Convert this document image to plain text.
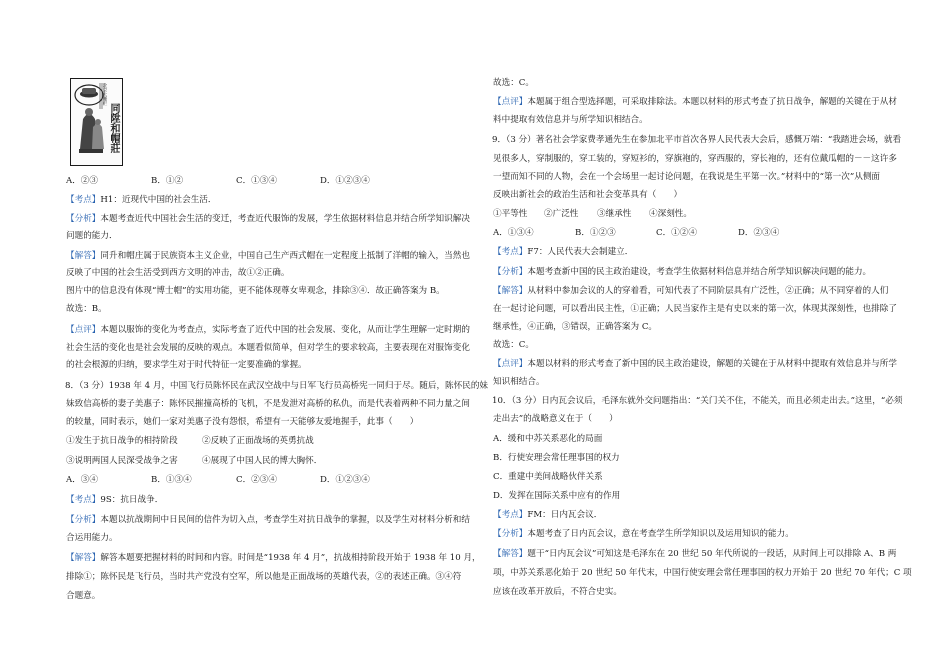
同陞和帽莊
北京大栅栏
A．②③	B．①②	C．①③④	D．①②③④
【考点】H1：近现代中国的社会生活．
【分析】本题考查近代中国社会生活的变迁，考查近代服饰的发展，学生依据材料信息并结合所学知识解决
问题的能力．
【解答】同升和帽庄属于民族资本主义企业，中国自己生产西式帽在一定程度上抵制了洋帽的输入，当然也
反映了中国的社会生活受到西方文明的冲击，故①②正确。
图片中的信息没有体现“博士帽”的实用功能，更不能体现尊女卑观念，排除③④．故正确答案为 B。
故选：B。
【点评】本题以服饰的变化为考查点，实际考查了近代中国的社会发展、变化，从而让学生理解一定时期的
社会生活的变化也是社会发展的反映的观点。本题看似简单，但对学生的要求较高，主要表现在对服饰变化
的社会根源的归纳，要求学生对于时代特征一定要准确的掌握。
8．（3 分）1938 年 4 月，中国飞行员陈怀民在武汉空战中与日军飞行员高桥宪一同归于尽。随后，陈怀民的妹
妹致信高桥的妻子美惠子：陈怀民摧撞高桥的飞机，不是发泄对高桥的私仇，而是代表着两种不同力量之间
的较量，同时表示，她们一家对美惠子没有怨恨，希望有一天能够友爱地握手，此事（　　）
①发生于抗日战争的相持阶段	②反映了正面战场的英勇抗战
③说明两国人民深受战争之害	④展现了中国人民的博大胸怀．
A．③④	B．①③④	C．②③④	D．①②③④
【考点】9S：抗日战争．
【分析】本题以抗战期间中日民间的信件为切入点，考查学生对抗日战争的掌握，以及学生对材料分析和结
合运用能力。
【解答】解答本题要把握材料的时间和内容。时间是“1938 年 4 月”，抗战相持阶段开始于 1938 年 10 月，
排除①；陈怀民是飞行员，当时共产党没有空军，所以他是正面战场的英雄代表，②的表述正确。③④符
合题意。
故选：C。
【点评】本题属于组合型选择题，可采取排除法。本题以材料的形式考查了抗日战争，解题的关键在于从材
料中提取有效信息并与所学知识相结合。
9．（3 分）著名社会学家费孝通先生在参加北平市首次各界人民代表大会后，感慨万端：“我踏进会场，就看
见很多人，穿制服的，穿工装的，穿短衫的，穿旗袍的，穿西服的，穿长袍的，还有位戴瓜帽的－－这许多
一望而知不同的人物，会在一个会场里一起讨论问题，在我说是生平第一次。”材料中的“第一次”从侧面
反映出新社会的政治生活和社会变革具有（　　）
①平等性 ②广泛性 ③继承性 ④深刻性。
A．①③④	B．①②③	C．①②④	D．②③④
【考点】F7：人民代表大会制建立．
【分析】本题考查新中国的民主政治建设，考查学生依据材料信息并结合所学知识解决问题的能力。
【解答】从材料中参加会议的人的穿着看，可知代表了不同阶层具有广泛性，②正确；从不同穿着的人们
在一起讨论问题，可以看出民主性，①正确；人民当家作主是有史以来的第一次，体现其深刻性，也排除了
继承性，④正确，③错误，正确答案为 C。
故选：C。
【点评】本题以材料的形式考查了新中国的民主政治建设，解题的关键在于从材料中提取有效信息并与所学
知识相结合。
10．（3 分）日内瓦会议后，毛泽东就外交问题指出：“关门关不住，不能关，而且必须走出去。”这里，“必须
走出去”的战略意义在于（　　）
A．缓和中苏关系恶化的局面
B．行使安理会常任理事国的权力
C．重建中美间战略伙伴关系
D．发挥在国际关系中应有的作用
【考点】FM：日内瓦会议．
【分析】本题考查了日内瓦会议，意在考查学生所学知识以及运用知识的能力。
【解答】题干“日内瓦会议”可知这是毛泽东在 20 世纪 50 年代所说的一段话，从时间上可以排除 A、B 两
项，中苏关系恶化始于 20 世纪 50 年代末，中国行使安理会常任理事国的权力开始于 20 世纪 70 年代；C 项
应该在改革开放后，不符合史实。
